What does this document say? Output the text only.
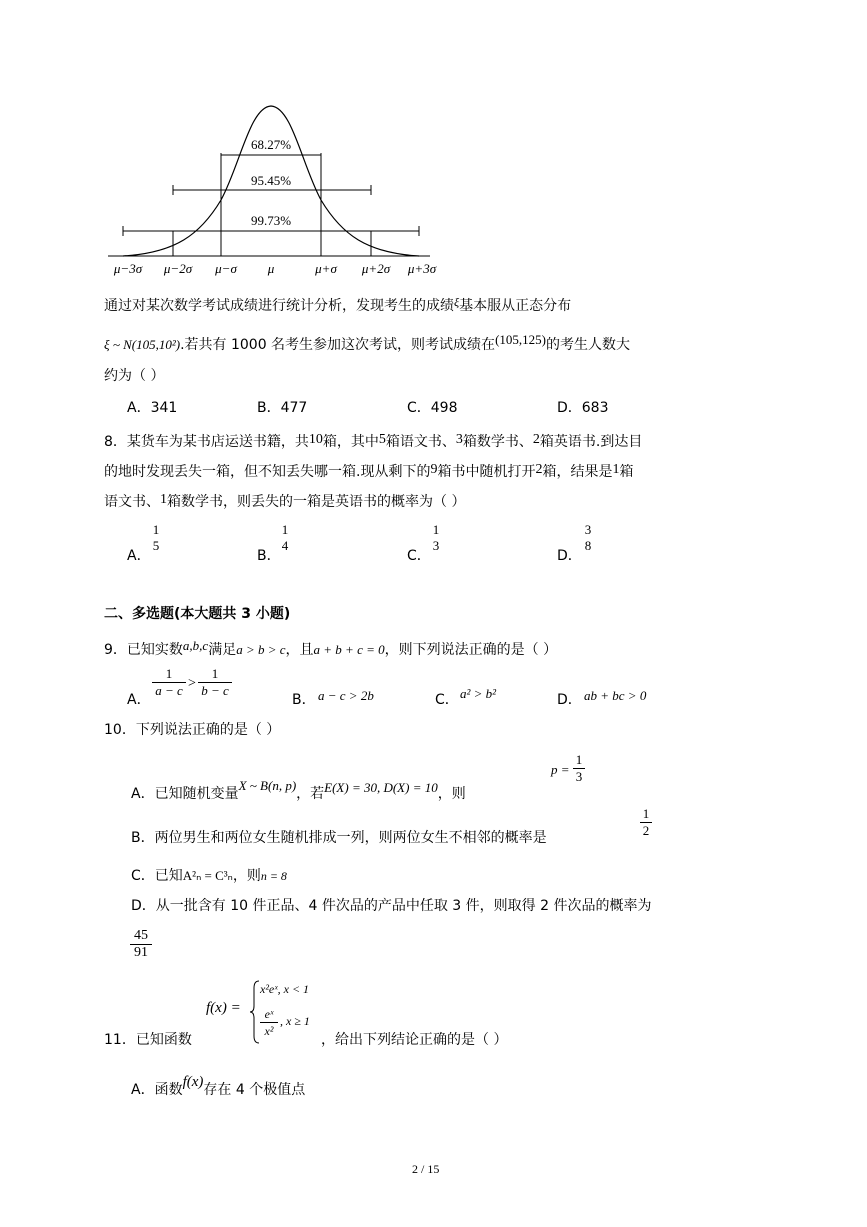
68.27%
95.45%
99.73%
μ−3σ μ−2σ μ−σ μ	μ+σ μ+2σ μ+3σ
通过对某次数学考试成绩进行统计分析，发现考生的成绩ξ基本服从正态分布
ξ ~ N(105,10²).若共有 1000 名考生参加这次考试，则考试成绩在(105,125)的考生人数大
约为（ ）
A．341	B．477	C．498	D．683
8．某货车为某书店运送书籍，共10箱，其中5箱语文书、3箱数学书、2箱英语书.到达目
的地时发现丢失一箱，但不知丢失哪一箱.现从剩下的9箱书中随机打开2箱，结果是1箱
语文书、1箱数学书，则丢失的一箱是英语书的概率为（ ）
A．
1
5
B．
1
4
C．
1
3
D．
3
8
二、多选题(本大题共 3 小题)
9．已知实数a,b,c满足a > b > c，且a + b + c = 0，则下列说法正确的是（ ）
A．
1
a − c >
1
b − c
B． a − c > 2b	C． a² > b²	D． ab + bc > 0
10．下列说法正确的是（ ）
A．已知随机变量X ~ B(n, p)，若E(X) = 30, D(X) = 10，则
p =
1
3
B．两位男生和两位女生随机排成一列，则两位女生不相邻的概率是
1
2
C．已知A²ₙ = C³ₙ，则n = 8
D．从一批含有 10 件正品、4 件次品的产品中任取 3 件，则取得 2 件次品的概率为
45
91
11．已知函数
f(x) =
x²eˣ, x < 1
eˣ
x²
, x ≥ 1
，给出下列结论正确的是（ ）
A．函数f(x)存在 4 个极值点
2 / 15
